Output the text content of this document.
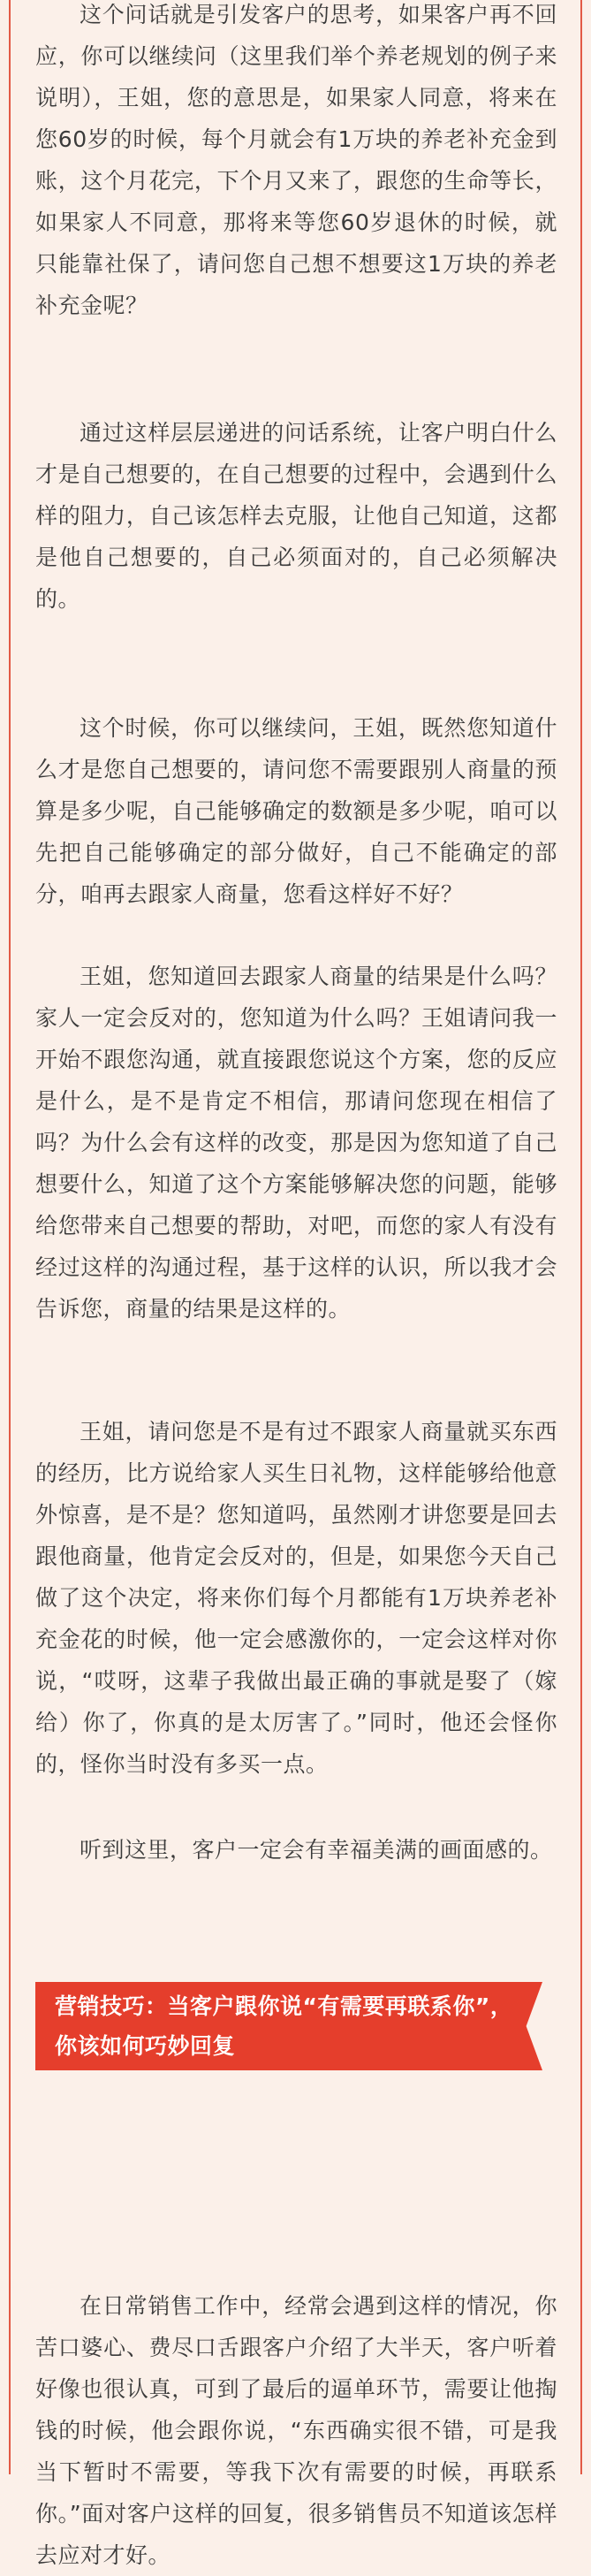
这个问话就是引发客户的思考，如果客户再不回应，你可以继续问（这里我们举个养老规划的例子来说明），王姐，您的意思是，如果家人同意，将来在您60岁的时候，每个月就会有1万块的养老补充金到账，这个月花完，下个月又来了，跟您的生命等长，如果家人不同意，那将来等您60岁退休的时候，就只能靠社保了，请问您自己想不想要这1万块的养老补充金呢？

通过这样层层递进的问话系统，让客户明白什么才是自己想要的，在自己想要的过程中，会遇到什么样的阻力，自己该怎样去克服，让他自己知道，这都是他自己想要的，自己必须面对的，自己必须解决的。

这个时候，你可以继续问，王姐，既然您知道什么才是您自己想要的，请问您不需要跟别人商量的预算是多少呢，自己能够确定的数额是多少呢，咱可以先把自己能够确定的部分做好，自己不能确定的部分，咱再去跟家人商量，您看这样好不好？

王姐，您知道回去跟家人商量的结果是什么吗？家人一定会反对的，您知道为什么吗？王姐请问我一开始不跟您沟通，就直接跟您说这个方案，您的反应是什么，是不是肯定不相信，那请问您现在相信了吗？为什么会有这样的改变，那是因为您知道了自己想要什么，知道了这个方案能够解决您的问题，能够给您带来自己想要的帮助，对吧，而您的家人有没有经过这样的沟通过程，基于这样的认识，所以我才会告诉您，商量的结果是这样的。

王姐，请问您是不是有过不跟家人商量就买东西的经历，比方说给家人买生日礼物，这样能够给他意外惊喜，是不是？您知道吗，虽然刚才讲您要是回去跟他商量，他肯定会反对的，但是，如果您今天自己做了这个决定，将来你们每个月都能有1万块养老补充金花的时候，他一定会感激你的，一定会这样对你说，“哎呀，这辈子我做出最正确的事就是娶了（嫁给）你了，你真的是太厉害了。”同时，他还会怪你的，怪你当时没有多买一点。

听到这里，客户一定会有幸福美满的画面感的。

在日常销售工作中，经常会遇到这样的情况，你苦口婆心、费尽口舌跟客户介绍了大半天，客户听着好像也很认真，可到了最后的逼单环节，需要让他掏钱的时候，他会跟你说，“东西确实很不错，可是我当下暂时不需要，等我下次有需要的时候，再联系你。”面对客户这样的回复，很多销售员不知道该怎样去应对才好。

营销技巧：当客户跟你说“有需要再联系你”，你该如何巧妙回复
